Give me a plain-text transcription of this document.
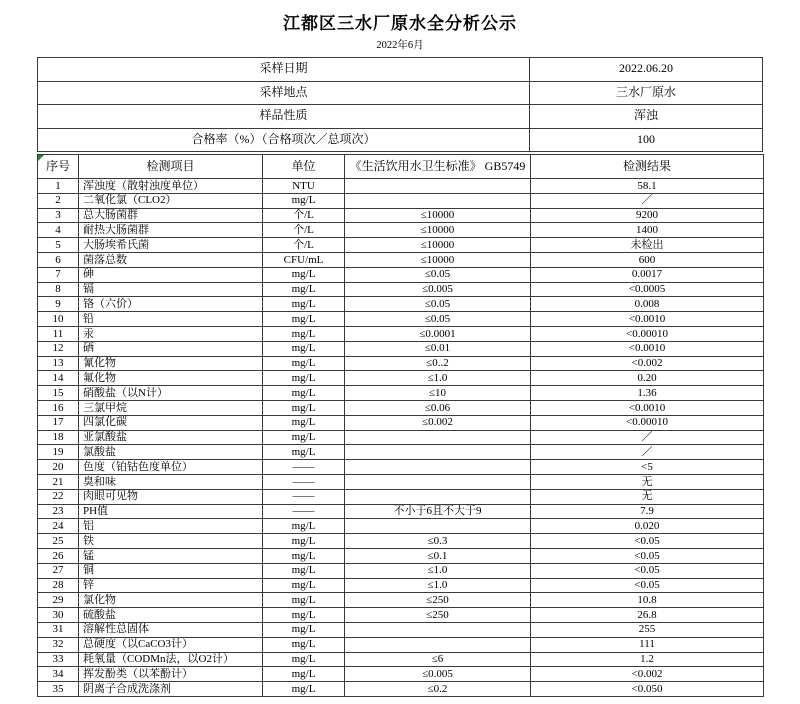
江都区三水厂原水全分析公示
2022年6月
采样日期	2022.06.20
采样地点	三水厂原水
样品性质	浑浊
合格率（%）（合格项次／总项次）	100
序号	检测项目	单位	《生活饮用水卫生标准》 GB5749	检测结果
1	浑浊度（散射浊度单位）	NTU		58.1
2	二氧化氯（CLO2）	mg/L		／
3	总大肠菌群	个/L	≤10000	9200
4	耐热大肠菌群	个/L	≤10000	1400
5	大肠埃希氏菌	个/L	≤10000	未检出
6	菌落总数	CFU/mL	≤10000	600
7	砷	mg/L	≤0.05	0.0017
8	镉	mg/L	≤0.005	<0.0005
9	铬（六价）	mg/L	≤0.05	0.008
10	铅	mg/L	≤0.05	<0.0010
11	汞	mg/L	≤0.0001	<0.00010
12	硒	mg/L	≤0.01	<0.0010
13	氰化物	mg/L	≤0..2	<0.002
14	氟化物	mg/L	≤1.0	0.20
15	硝酸盐（以N计）	mg/L	≤10	1.36
16	三氯甲烷	mg/L	≤0.06	<0.0010
17	四氯化碳	mg/L	≤0.002	<0.00010
18	亚氯酸盐	mg/L		／
19	氯酸盐	mg/L		／
20	色度（铂钴色度单位）	——		<5
21	臭和味	——		无
22	肉眼可见物	——		无
23	PH值	——	不小于6且不大于9	7.9
24	铝	mg/L		0.020
25	铁	mg/L	≤0.3	<0.05
26	锰	mg/L	≤0.1	<0.05
27	铜	mg/L	≤1.0	<0.05
28	锌	mg/L	≤1.0	<0.05
29	氯化物	mg/L	≤250	10.8
30	硫酸盐	mg/L	≤250	26.8
31	溶解性总固体	mg/L		255
32	总硬度（以CaCO3计）	mg/L		111
33	耗氧量（CODMn法，以O2计）	mg/L	≤6	1.2
34	挥发酚类（以苯酚计）	mg/L	≤0.005	<0.002
35	阴离子合成洗涤剂	mg/L	≤0.2	<0.050
